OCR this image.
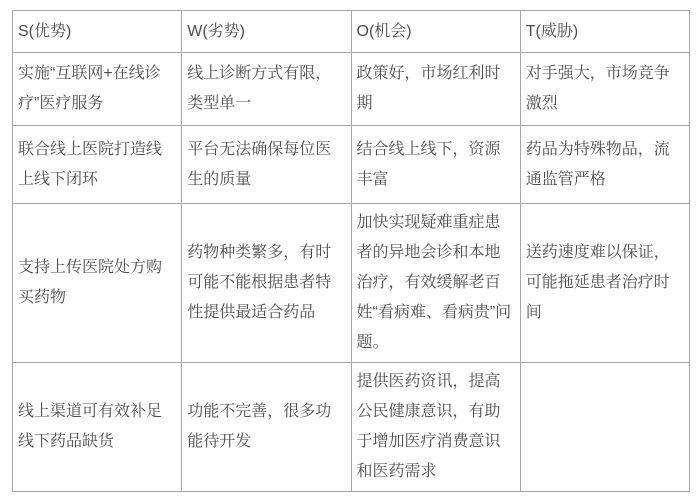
S(优势)	W(劣势)	O(机会)	T(威胁)
实施“互联网+在线诊疗”医疗服务	线上诊断方式有限，类型单一	政策好，市场红利时期	对手强大，市场竞争激烈
联合线上医院打造线上线下闭环	平台无法确保每位医生的质量	结合线上线下，资源丰富	药品为特殊物品，流通监管严格
支持上传医院处方购买药物	药物种类繁多，有时可能不能根据患者特性提供最适合药品	加快实现疑难重症患者的异地会诊和本地治疗，有效缓解老百姓“看病难、看病贵”问题。	送药速度难以保证，可能拖延患者治疗时间
线上渠道可有效补足线下药品缺货	功能不完善，很多功能待开发	提供医药资讯，提高公民健康意识，有助于增加医疗消费意识和医药需求	
